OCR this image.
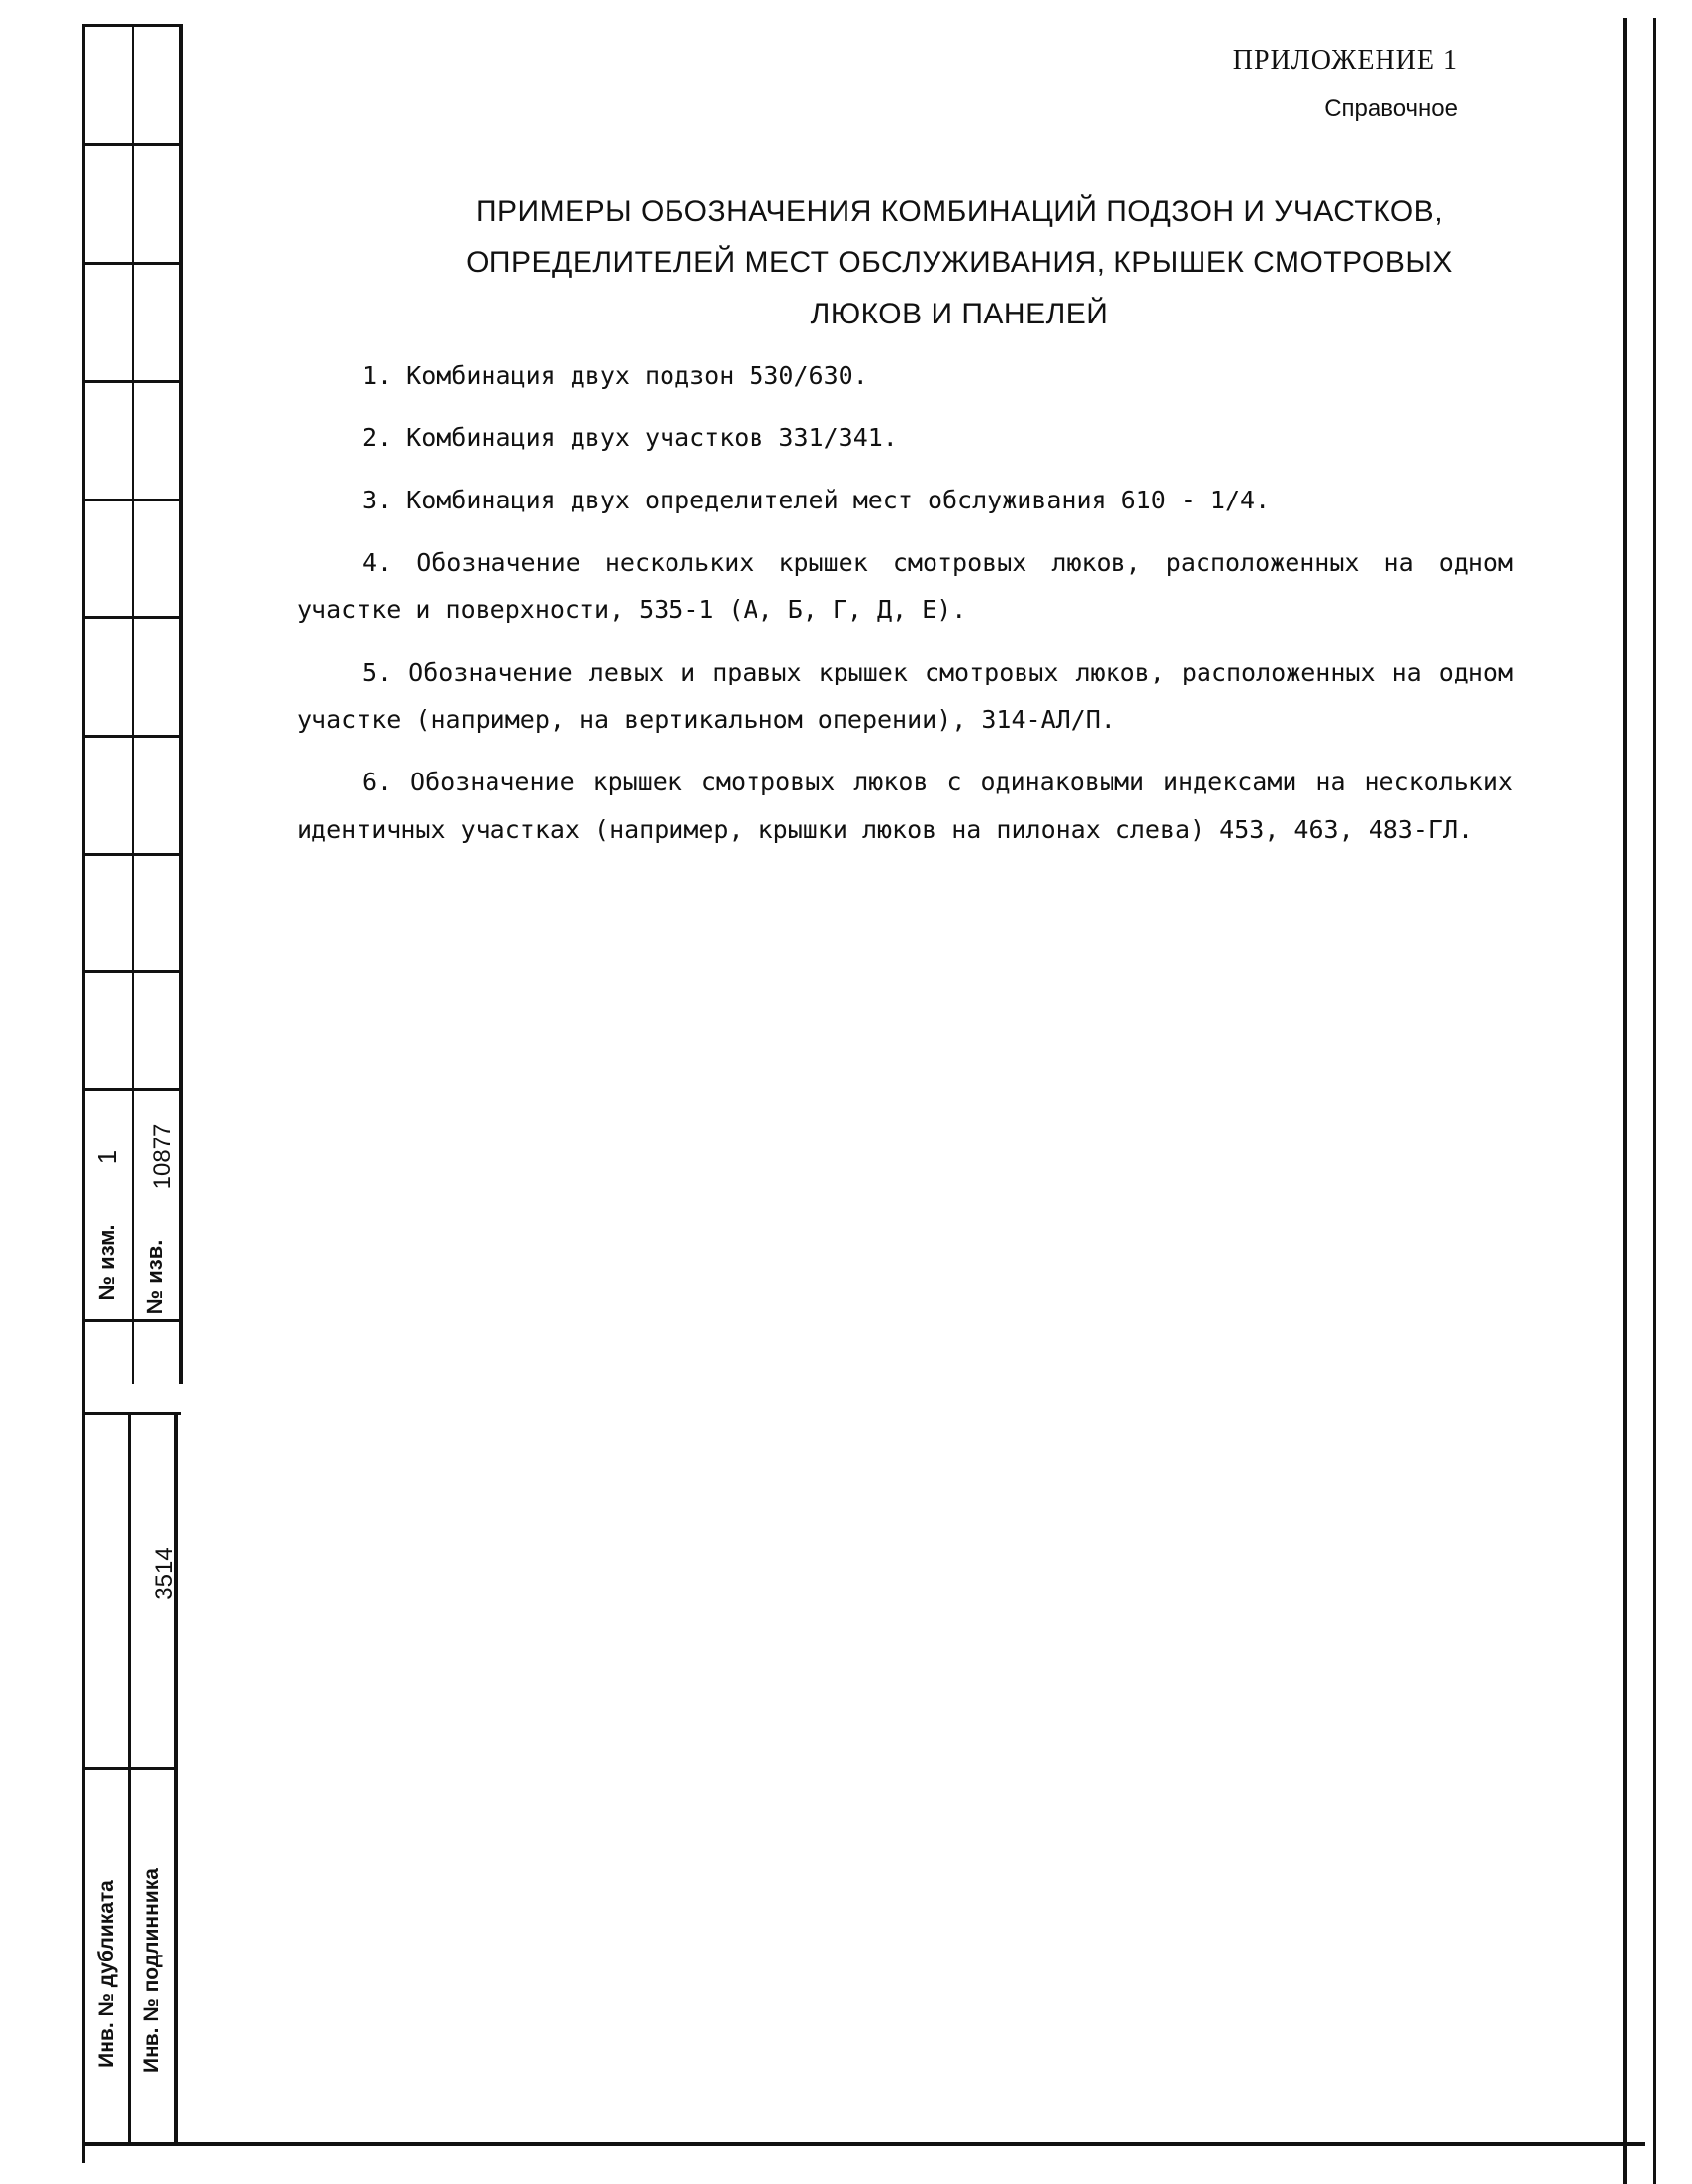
1
№ изм.
10877
№ изв.
3514
Инв. № дубликата Инв. № подлинника
ПРИЛОЖЕНИЕ 1
Справочное
ПРИМЕРЫ ОБОЗНАЧЕНИЯ КОМБИНАЦИЙ ПОДЗОН И УЧАСТКОВ,
ОПРЕДЕЛИТЕЛЕЙ МЕСТ ОБСЛУЖИВАНИЯ, КРЫШЕК СМОТРОВЫХ
ЛЮКОВ И ПАНЕЛЕЙ

1. Комбинация двух подзон 530/630.

2. Комбинация двух участков 331/341.

3. Комбинация двух определителей мест обслуживания 610 - 1/4.

4. Обозначение нескольких крышек смотровых люков, расположенных на одном участке и поверхности, 535-1 (А, Б, Г, Д, Е).

5. Обозначение левых и правых крышек смотровых люков, расположенных на одном участке (например, на вертикальном оперении), 314-АЛ/П.

6. Обозначение крышек смотровых люков с одинаковыми индексами на нескольких идентичных участках (например, крышки люков на пилонах слева) 453, 463, 483-ГЛ.
